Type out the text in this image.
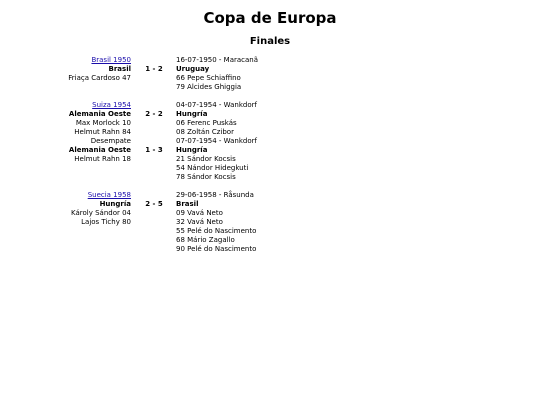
Copa de Europa
Finales
Brasil 1950	16-07-1950 - Maracanã
Brasil	1 - 2	Uruguay
Friaça Cardoso 47	66 Pepe Schiaffino
79 Alcides Ghiggia
Suiza 1954	04-07-1954 - Wankdorf
Alemania Oeste	2 - 2	Hungría
Max Morlock 10	06 Ferenc Puskás
Helmut Rahn 84	08 Zoltán Czibor
Desempate	07-07-1954 - Wankdorf
Alemania Oeste	1 - 3	Hungría
Helmut Rahn 18	21 Sándor Kocsis
54 Nándor Hidegkuti
78 Sándor Kocsis
Suecia 1958	29-06-1958 - Råsunda
Hungría	2 - 5	Brasil
Károly Sándor 04	09 Vavá Neto
Lajos Tichy 80	32 Vavá Neto
55 Pelé do Nascimento
68 Mário Zagallo
90 Pelé do Nascimento
